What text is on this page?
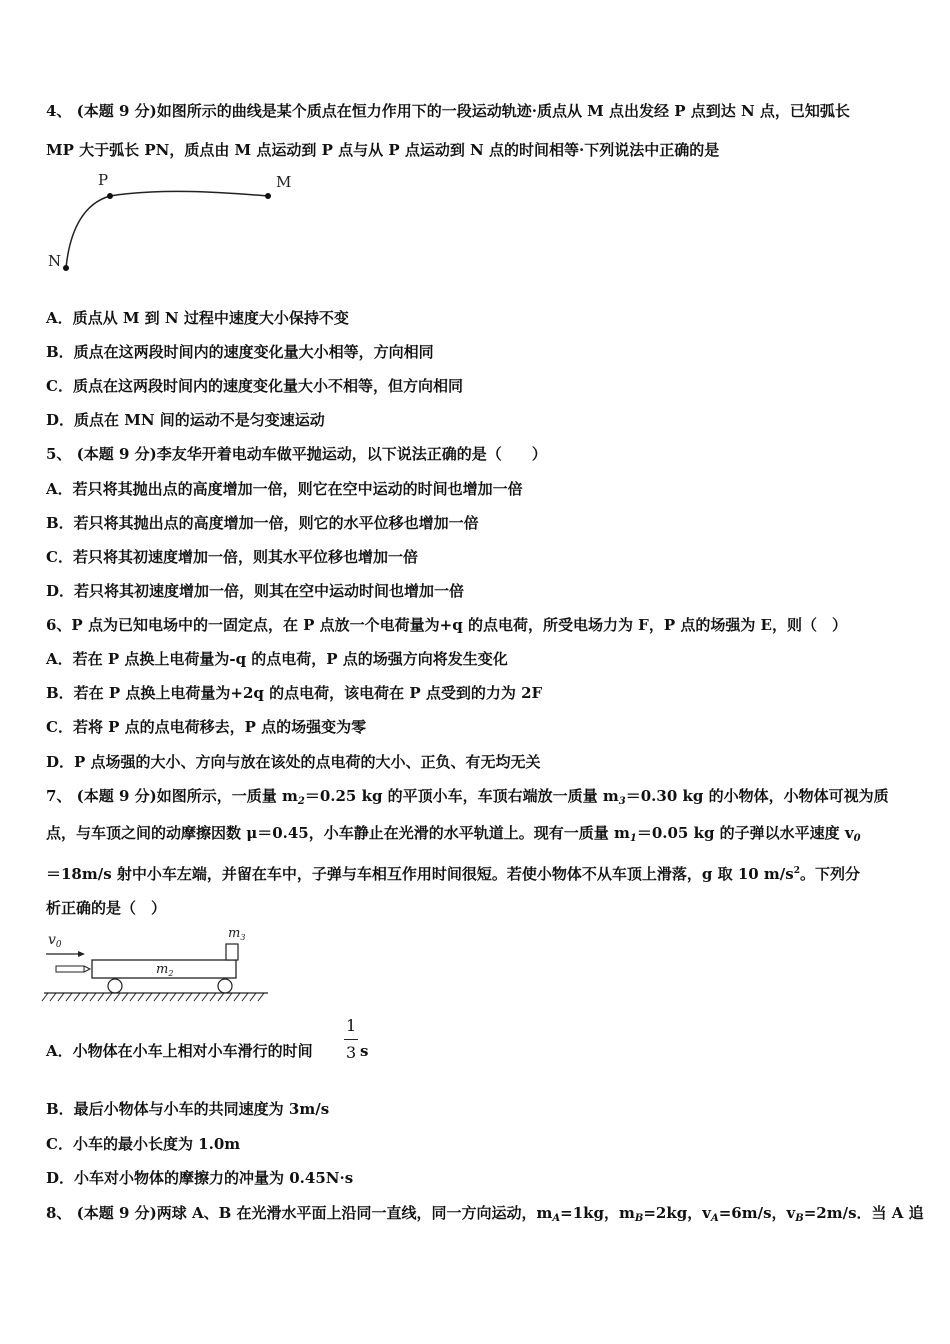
4、 (本题 9 分)如图所示的曲线是某个质点在恒力作用下的一段运动轨迹·质点从 M 点出发经 P 点到达 N 点，已知弧长
MP 大于弧长 PN，质点由 M 点运动到 P 点与从 P 点运动到 N 点的时间相等·下列说法中正确的是
P	M
N
A．质点从 M 到 N 过程中速度大小保持不变
B．质点在这两段时间内的速度变化量大小相等，方向相同
C．质点在这两段时间内的速度变化量大小不相等，但方向相同
D．质点在 MN 间的运动不是匀变速运动
5、 (本题 9 分)李友华开着电动车做平抛运动，以下说法正确的是（　　）
A．若只将其抛出点的高度增加一倍，则它在空中运动的时间也增加一倍
B．若只将其抛出点的高度增加一倍，则它的水平位移也增加一倍
C．若只将其初速度增加一倍，则其水平位移也增加一倍
D．若只将其初速度增加一倍，则其在空中运动时间也增加一倍
6、P 点为已知电场中的一固定点，在 P 点放一个电荷量为+q 的点电荷，所受电场力为 F，P 点的场强为 E，则（　）
A．若在 P 点换上电荷量为-q 的点电荷，P 点的场强方向将发生变化
B．若在 P 点换上电荷量为+2q 的点电荷，该电荷在 P 点受到的力为 2F
C．若将 P 点的点电荷移去，P 点的场强变为零
D．P 点场强的大小、方向与放在该处的点电荷的大小、正负、有无均无关
7、 (本题 9 分)如图所示，一质量 $m_2=0.25$ kg 的平顶小车，车顶右端放一质量 $m_3=0.30$ kg 的小物体，小物体可视为质
点，与车顶之间的动摩擦因数 μ＝0.45，小车静止在光滑的水平轨道上。现有一质量 $m_1=0.05$ kg 的子弹以水平速度 $v_0$
＝18m/s 射中小车左端，并留在车中，子弹与车相互作用时间很短。若使小物体不从车顶上滑落，g 取 10 $m/s^2$。下列分
析正确的是（　）
$v_0$
$m_2$
$m_3$
A．小物体在小车上相对小车滑行的时间
1
3 s
B．最后小物体与小车的共同速度为 3m/s
C．小车的最小长度为 1.0m
D．小车对小物体的摩擦力的冲量为 0.45N·s
8、 (本题 9 分)两球 A、B 在光滑水平面上沿同一直线，同一方向运动，$m_A=1kg$，$m_B=2kg$，$v_A=6m/s$，$v_B=2m/s$．当 A 追
